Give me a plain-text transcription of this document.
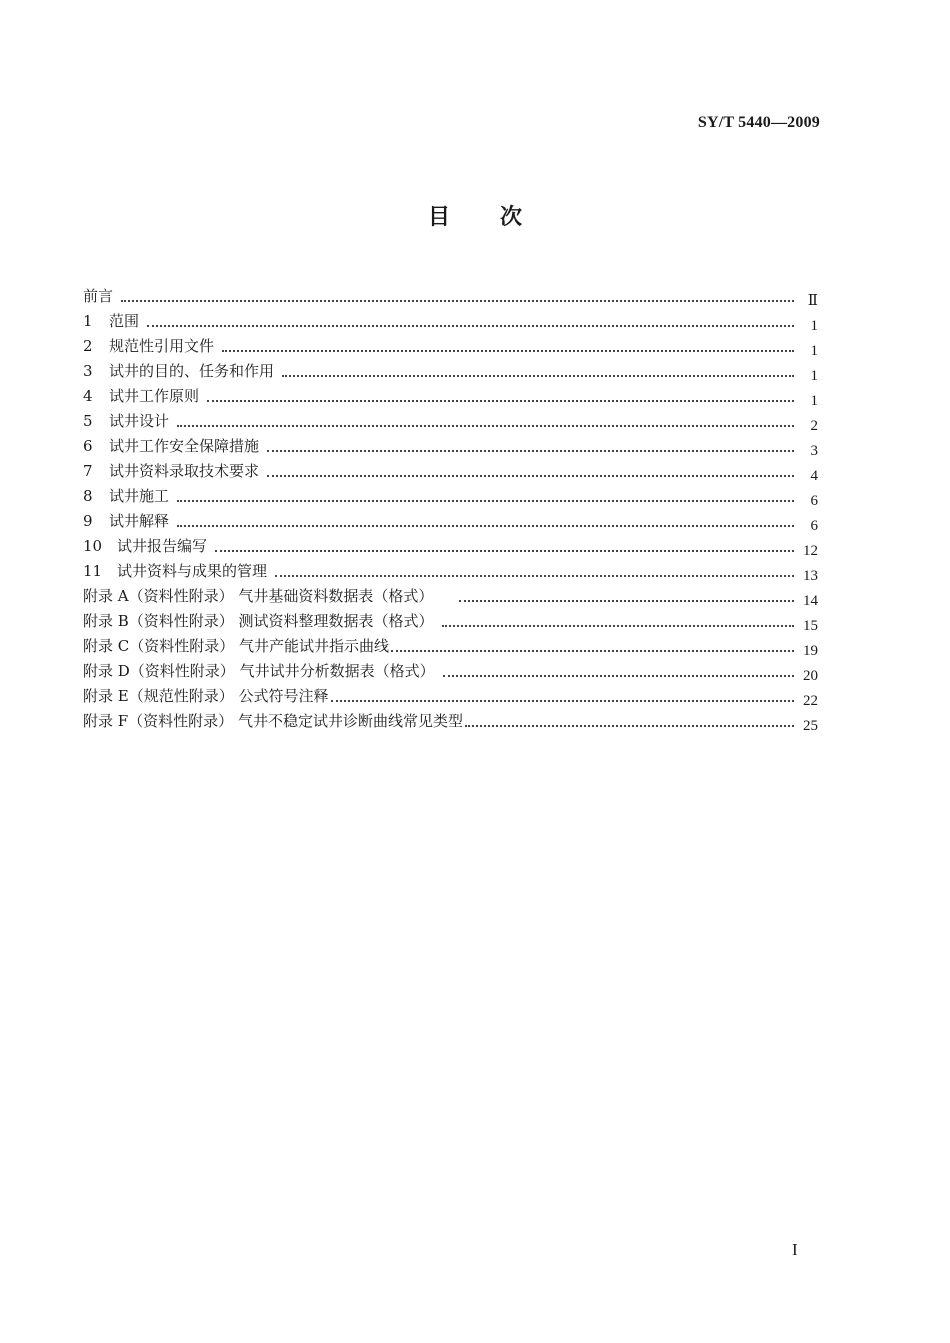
SY/T 5440—2009
目次
前言	Ⅱ
1	范围	1
2	规范性引用文件	1
3	试井的目的、任务和作用	1
4	试井工作原则	1
5	试井设计	2
6	试井工作安全保障措施	3
7	试井资料录取技术要求	4
8	试井施工	6
9	试井解释	6
10 试井报告编写	12
11 试井资料与成果的管理	13
附录 A（资料性附录） 气井基础资料数据表（格式）	14
附录 B（资料性附录） 测试资料整理数据表（格式）	15
附录 C（资料性附录） 气井产能试井指示曲线	19
附录 D（资料性附录） 气井试井分析数据表（格式）	20
附录 E（规范性附录） 公式符号注释	22
附录 F（资料性附录） 气井不稳定试井诊断曲线常见类型	25
I
